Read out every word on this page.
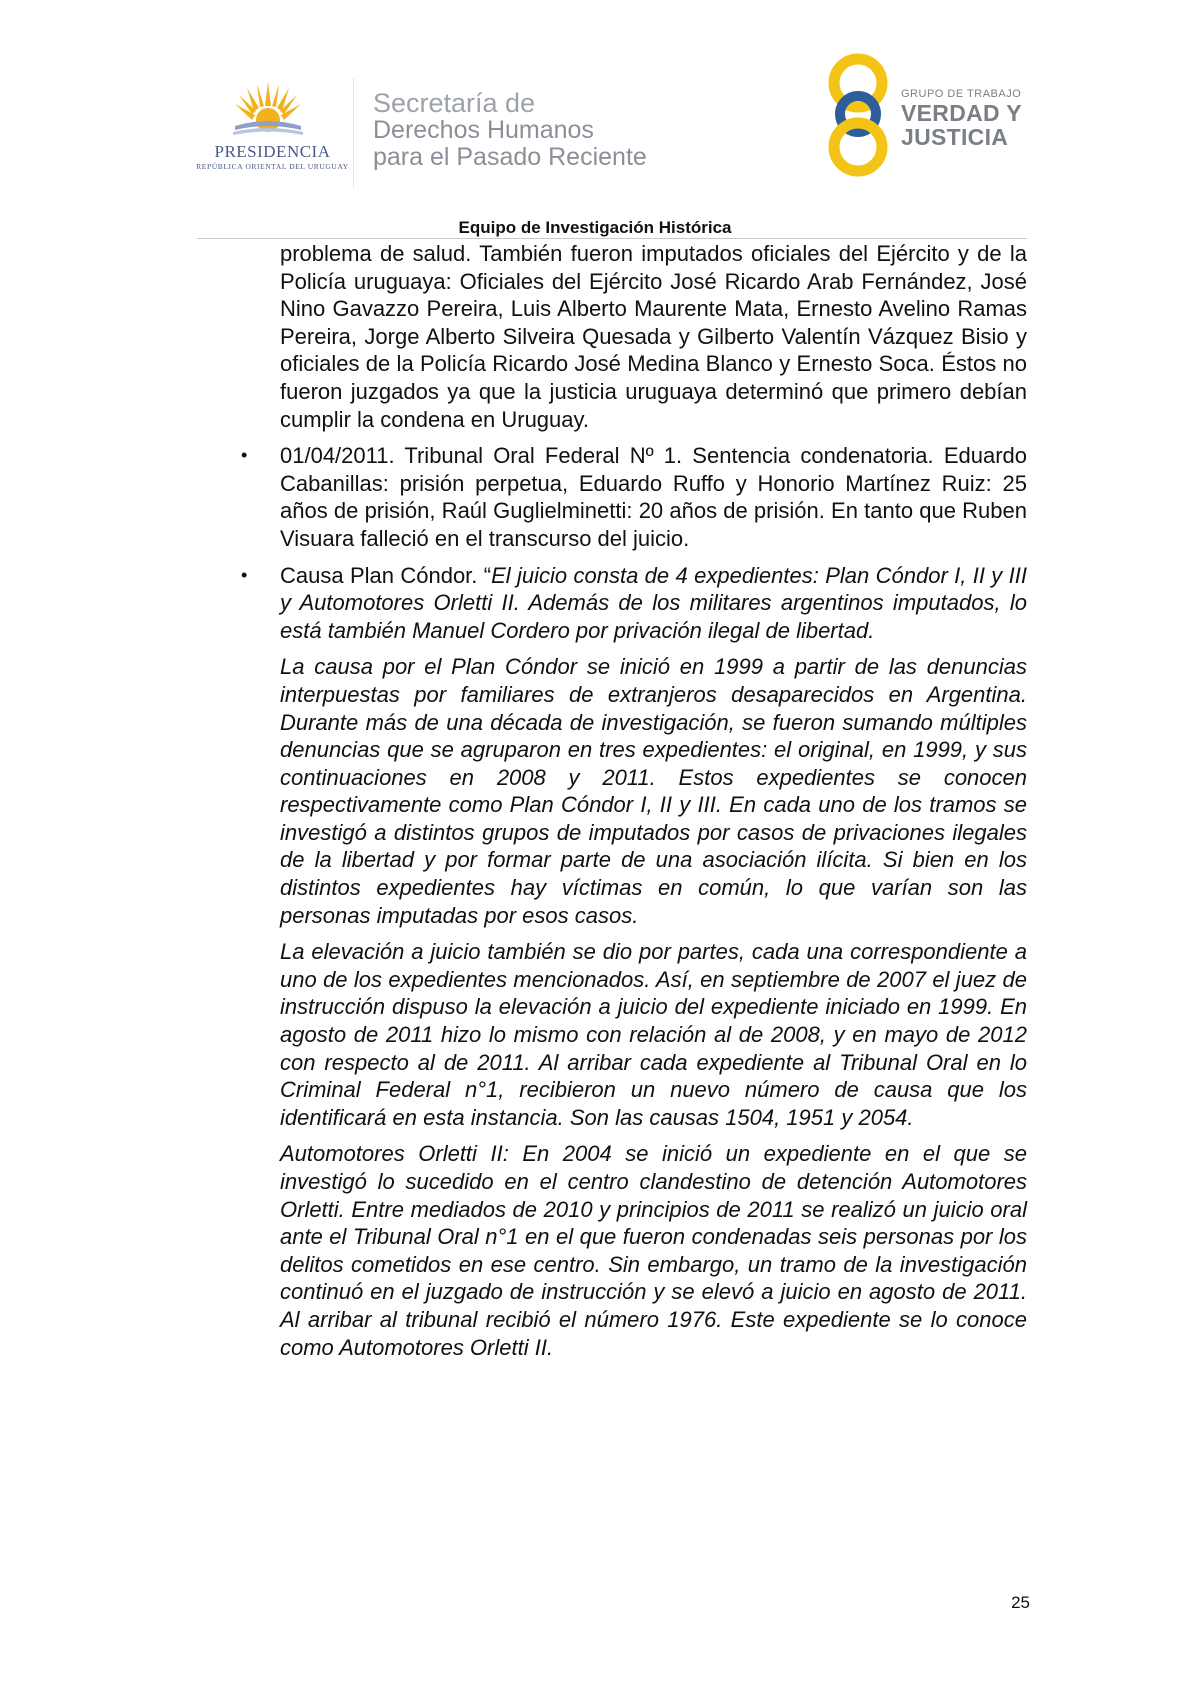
PRESIDENCIA
REPÚBLICA ORIENTAL DEL URUGUAY
Secretaría de
Derechos Humanos
para el Pasado Reciente
GRUPO DE TRABAJO
VERDAD Y
JUSTICIA
Equipo de Investigación Histórica

problema de salud. También fueron imputados oficiales del Ejército y de la Policía uruguaya: Oficiales del Ejército José Ricardo Arab Fernández, José Nino Gavazzo Pereira, Luis Alberto Maurente Mata, Ernesto Avelino Ramas Pereira, Jorge Alberto Silveira Quesada y Gilberto Valentín Vázquez Bisio y oficiales de la Policía Ricardo José Medina Blanco y Ernesto Soca. Éstos no fueron juzgados ya que la justicia uruguaya determinó que primero debían cumplir la condena en Uruguay.

• 01/04/2011. Tribunal Oral Federal Nº 1. Sentencia condenatoria. Eduardo Cabanillas: prisión perpetua, Eduardo Ruffo y Honorio Martínez Ruiz: 25 años de prisión, Raúl Guglielminetti: 20 años de prisión. En tanto que Ruben Visuara falleció en el transcurso del juicio.

• Causa Plan Cóndor. “El juicio consta de 4 expedientes: Plan Cóndor I, II y III y Automotores Orletti II. Además de los militares argentinos imputados, lo está también Manuel Cordero por privación ilegal de libertad.

La causa por el Plan Cóndor se inició en 1999 a partir de las denuncias interpuestas por familiares de extranjeros desaparecidos en Argentina. Durante más de una década de investigación, se fueron sumando múltiples denuncias que se agruparon en tres expedientes: el original, en 1999, y sus continuaciones en 2008 y 2011. Estos expedientes se conocen respectivamente como Plan Cóndor I, II y III. En cada uno de los tramos se investigó a distintos grupos de imputados por casos de privaciones ilegales de la libertad y por formar parte de una asociación ilícita. Si bien en los distintos expedientes hay víctimas en común, lo que varían son las personas imputadas por esos casos.

La elevación a juicio también se dio por partes, cada una correspondiente a uno de los expedientes mencionados. Así, en septiembre de 2007 el juez de instrucción dispuso la elevación a juicio del expediente iniciado en 1999. En agosto de 2011 hizo lo mismo con relación al de 2008, y en mayo de 2012 con respecto al de 2011. Al arribar cada expediente al Tribunal Oral en lo Criminal Federal n°1, recibieron un nuevo número de causa que los identificará en esta instancia. Son las causas 1504, 1951 y 2054.

Automotores Orletti II: En 2004 se inició un expediente en el que se investigó lo sucedido en el centro clandestino de detención Automotores Orletti. Entre mediados de 2010 y principios de 2011 se realizó un juicio oral ante el Tribunal Oral n°1 en el que fueron condenadas seis personas por los delitos cometidos en ese centro. Sin embargo, un tramo de la investigación continuó en el juzgado de instrucción y se elevó a juicio en agosto de 2011. Al arribar al tribunal recibió el número 1976. Este expediente se lo conoce como Automotores Orletti II.

25
